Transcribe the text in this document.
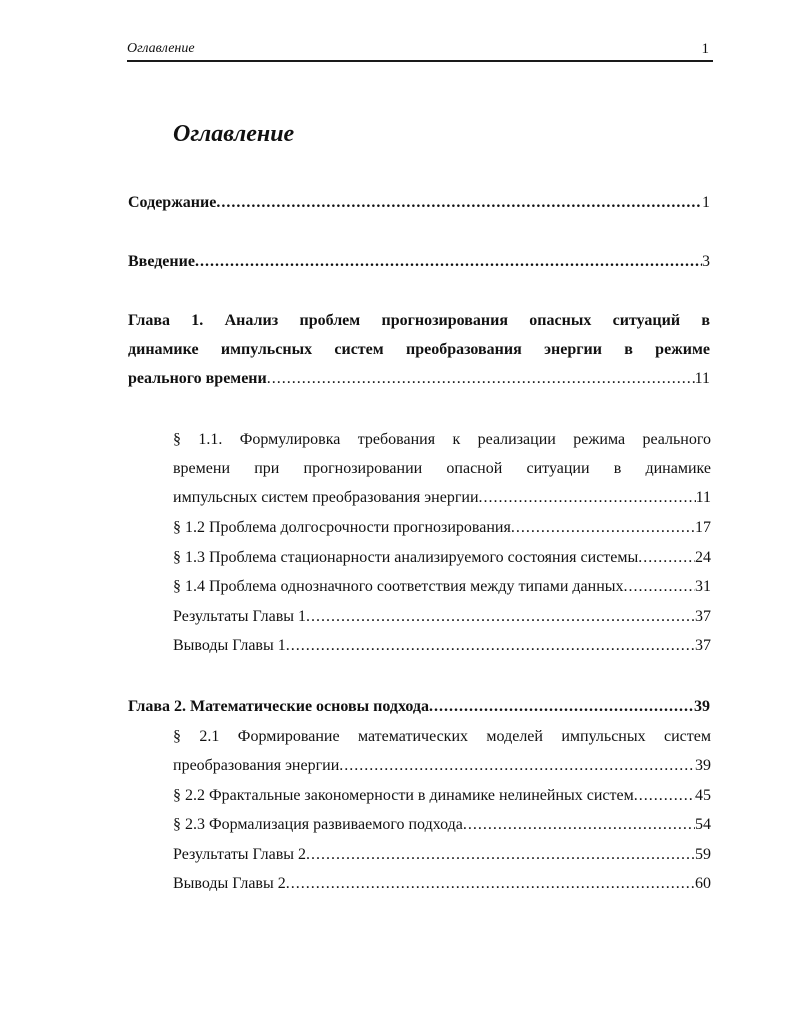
Оглавление	1
Оглавление
Содержание .....	1
Введение .....	3
Глава 1. Анализ проблем прогнозирования опасных ситуаций в
динамике импульсных систем преобразования энергии в режиме
реального времени .....	11
§ 1.1. Формулировка требования к реализации режима реального
времени при прогнозировании опасной ситуации в динамике
импульсных систем преобразования энергии .....	11
§ 1.2 Проблема долгосрочности прогнозирования .....	17
§ 1.3 Проблема стационарности анализируемого состояния системы .....	24
§ 1.4 Проблема однозначного соответствия между типами данных .....	31
Результаты Главы 1 .....	37
Выводы Главы 1 .....	37
Глава 2. Математические основы подхода .....	39
§ 2.1 Формирование математических моделей импульсных систем
преобразования энергии .....	39
§ 2.2 Фрактальные закономерности в динамике нелинейных систем .....	45
§ 2.3 Формализация развиваемого подхода .....	54
Результаты Главы 2 .....	59
Выводы Главы 2 .....	60
